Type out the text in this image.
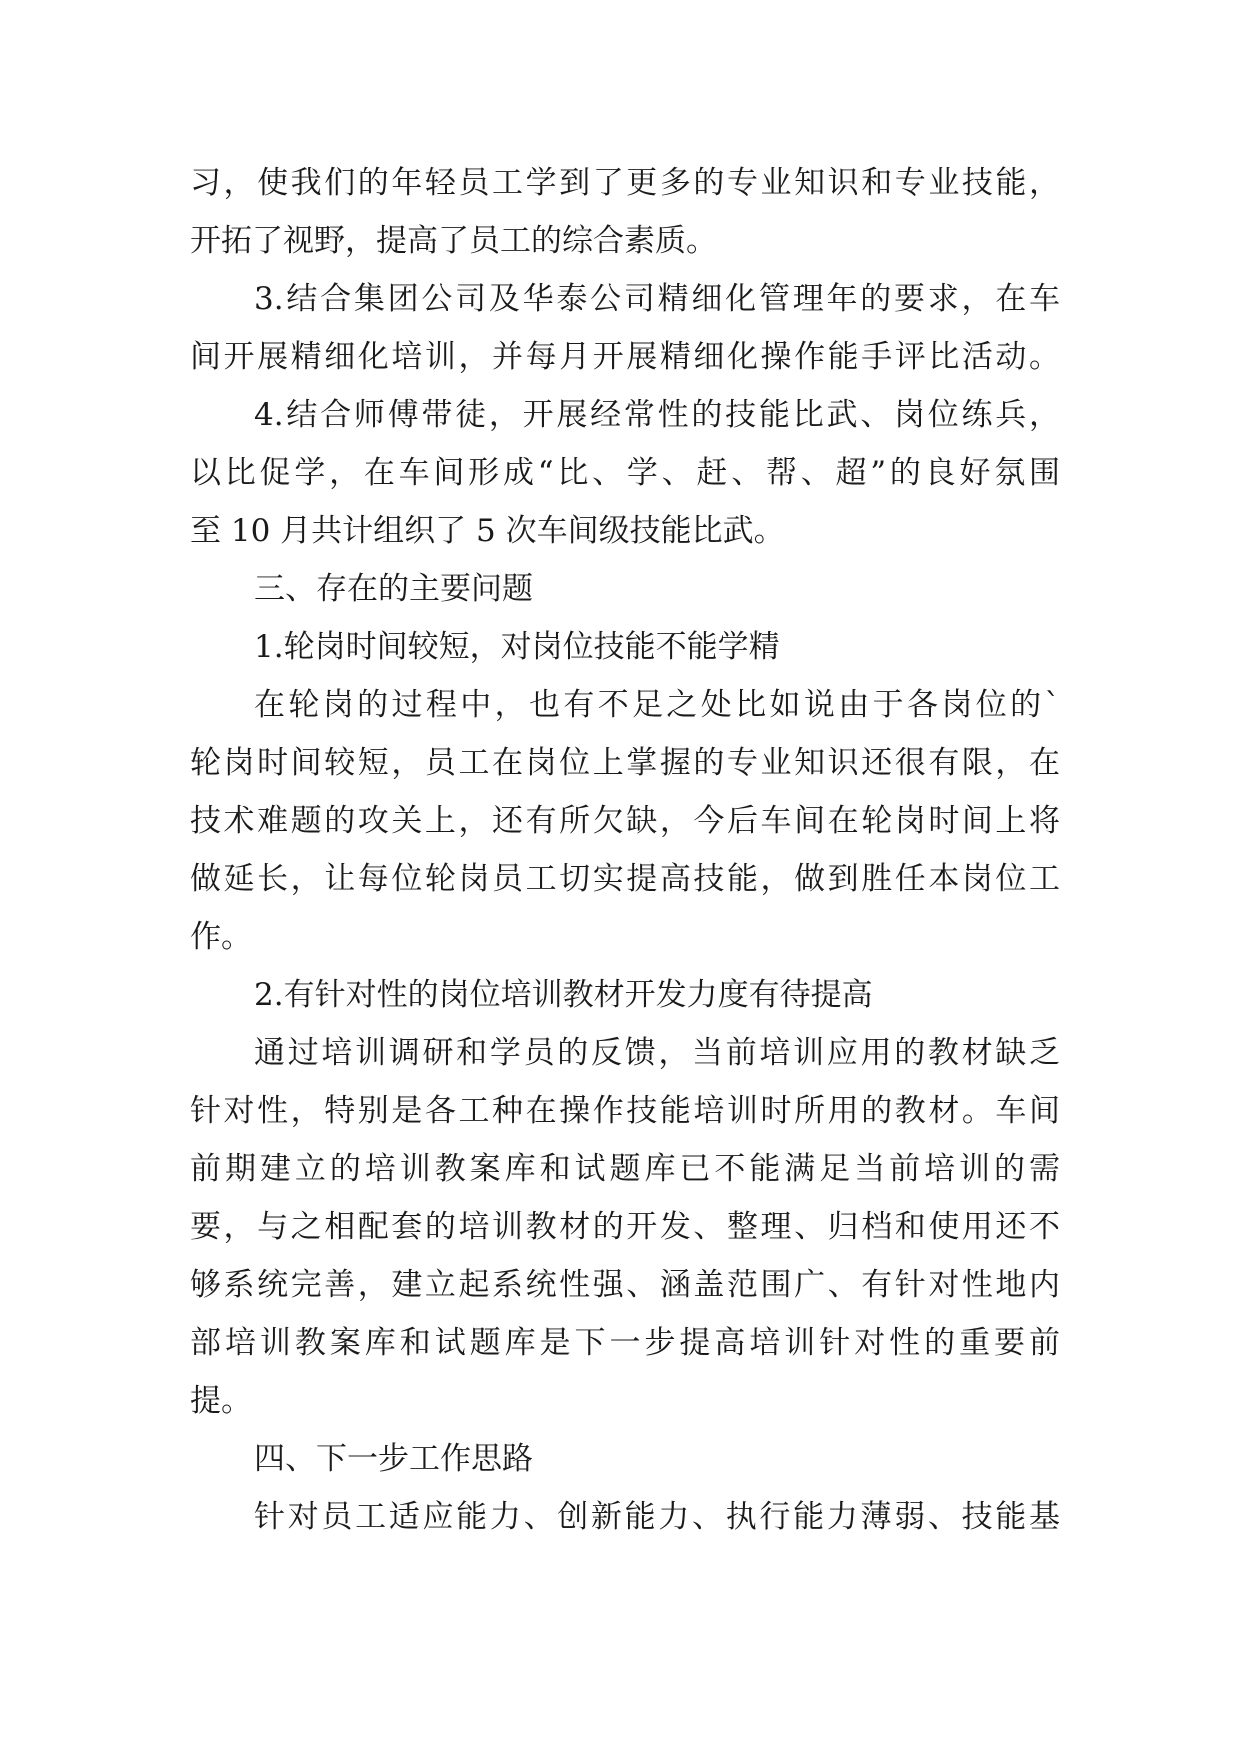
习，使我们的年轻员工学到了更多的专业知识和专业技能，
开拓了视野，提高了员工的综合素质。
3.结合集团公司及华泰公司精细化管理年的要求，在车
间开展精细化培训，并每月开展精细化操作能手评比活动。
4.结合师傅带徒，开展经常性的技能比武、岗位练兵，
以比促学，在车间形成“比、学、赶、帮、超”的良好氛围
至 10 月共计组织了 5 次车间级技能比武。
三、存在的主要问题
1.轮岗时间较短，对岗位技能不能学精
在轮岗的过程中，也有不足之处比如说由于各岗位的`
轮岗时间较短，员工在岗位上掌握的专业知识还很有限，在
技术难题的攻关上，还有所欠缺，今后车间在轮岗时间上将
做延长，让每位轮岗员工切实提高技能，做到胜任本岗位工
作。
2.有针对性的岗位培训教材开发力度有待提高
通过培训调研和学员的反馈，当前培训应用的教材缺乏
针对性，特别是各工种在操作技能培训时所用的教材。车间
前期建立的培训教案库和试题库已不能满足当前培训的需
要，与之相配套的培训教材的开发、整理、归档和使用还不
够系统完善，建立起系统性强、涵盖范围广、有针对性地内
部培训教案库和试题库是下一步提高培训针对性的重要前
提。
四、下一步工作思路
针对员工适应能力、创新能力、执行能力薄弱、技能基
